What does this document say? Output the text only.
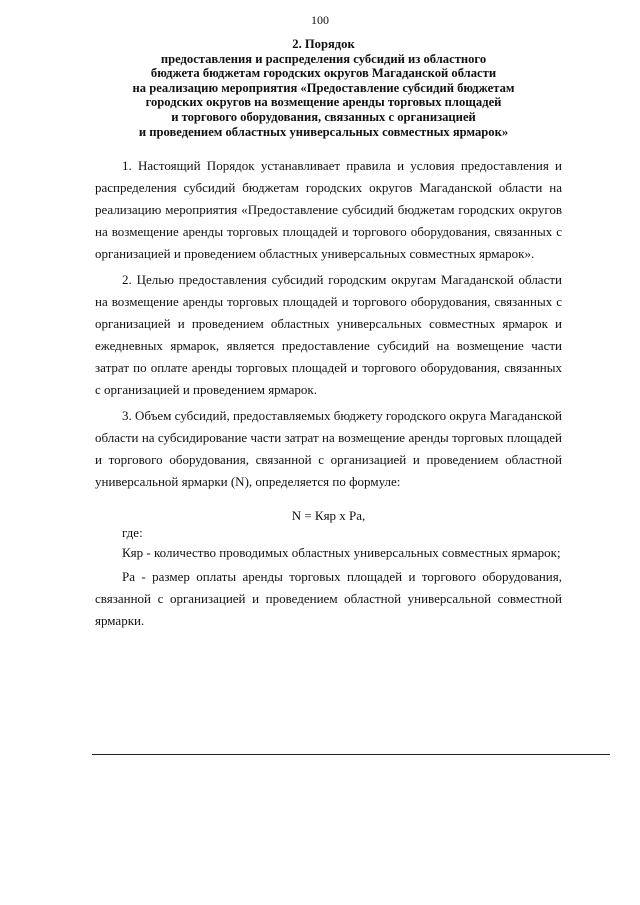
100
2. Порядок
предоставления и распределения субсидий из областного
бюджета бюджетам городских округов Магаданской области
на реализацию мероприятия «Предоставление субсидий бюджетам
городских округов на возмещение аренды торговых площадей
и торгового оборудования, связанных с организацией
и проведением областных универсальных совместных ярмарок»

1. Настоящий Порядок устанавливает правила и условия предоставления и распределения субсидий бюджетам городских округов Магаданской области на реализацию мероприятия «Предоставление субсидий бюджетам городских округов на возмещение аренды торговых площадей и торгового оборудования, связанных с организацией и проведением областных универсальных совместных ярмарок».

2. Целью предоставления субсидий городским округам Магаданской области на возмещение аренды торговых площадей и торгового оборудования, связанных с организацией и проведением областных универсальных совместных ярмарок и ежедневных ярмарок, является предоставление субсидий на возмещение части затрат по оплате аренды торговых площадей и торгового оборудования, связанных с организацией и проведением ярмарок.

3. Объем субсидий, предоставляемых бюджету городского округа Магаданской области на субсидирование части затрат на возмещение аренды торговых площадей и торгового оборудования, связанной с организацией и проведением областной универсальной ярмарки (N), определяется по формуле:

N = Кяр х Ра,
где:

Кяр - количество проводимых областных универсальных совместных ярмарок;

Ра - размер оплаты аренды торговых площадей и торгового оборудования, связанной с организацией и проведением областной универсальной совместной ярмарки.
